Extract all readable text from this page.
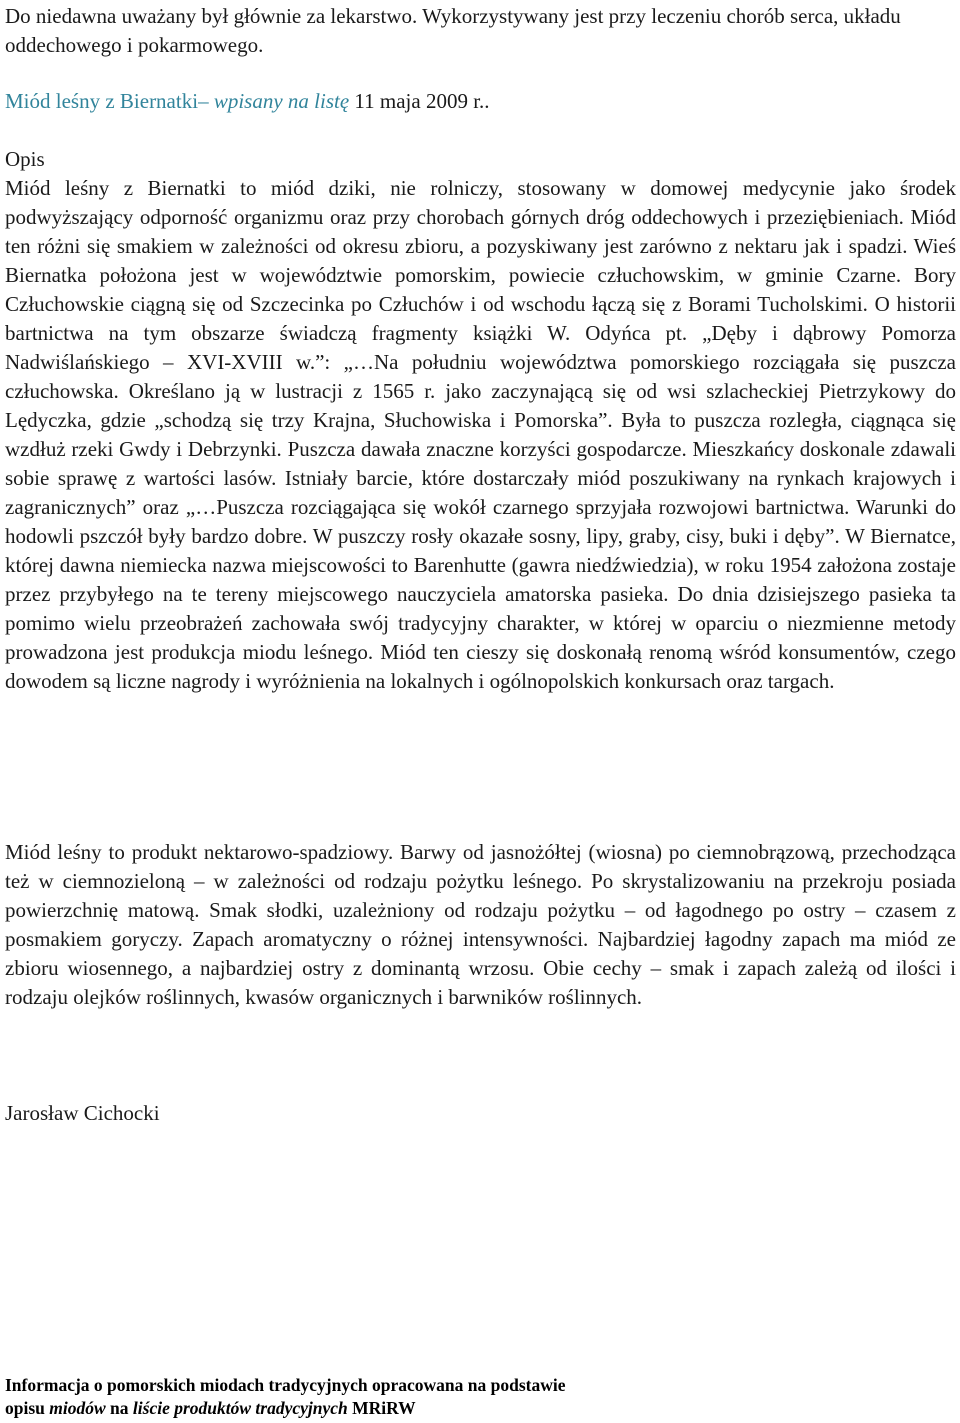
Do niedawna uważany był głównie za lekarstwo. Wykorzystywany jest przy leczeniu chorób serca, układu oddechowego i pokarmowego.

Miód leśny z Biernatki– wpisany na listę 11 maja 2009 r..

Opis

Miód leśny z Biernatki to miód dziki, nie rolniczy, stosowany w domowej medycynie jako środek podwyższający odporność organizmu oraz przy chorobach górnych dróg oddechowych i przeziębieniach. Miód ten różni się smakiem w zależności od okresu zbioru, a pozyskiwany jest zarówno z nektaru jak i spadzi. Wieś Biernatka położona jest w województwie pomorskim, powiecie człuchowskim, w gminie Czarne. Bory Człuchowskie ciągną się od Szczecinka po Człuchów i od wschodu łączą się z Borami Tucholskimi. O historii bartnictwa na tym obszarze świadczą fragmenty książki W. Odyńca pt. „Dęby i dąbrowy Pomorza Nadwiślańskiego – XVI-XVIII w.”: „…Na południu województwa pomorskiego rozciągała się puszcza człuchowska. Określano ją w lustracji z 1565 r. jako zaczynającą się od wsi szlacheckiej Pietrzykowy do Lędyczka, gdzie „schodzą się trzy Krajna, Słuchowiska i Pomorska”. Była to puszcza rozległa, ciągnąca się wzdłuż rzeki Gwdy i Debrzynki. Puszcza dawała znaczne korzyści gospodarcze. Mieszkańcy doskonale zdawali sobie sprawę z wartości lasów. Istniały barcie, które dostarczały miód poszukiwany na rynkach krajowych i zagranicznych” oraz „…Puszcza rozciągająca się wokół czarnego sprzyjała rozwojowi bartnictwa. Warunki do hodowli pszczół były bardzo dobre. W puszczy rosły okazałe sosny, lipy, graby, cisy, buki i dęby”. W Biernatce, której dawna niemiecka nazwa miejscowości to Barenhutte (gawra niedźwiedzia), w roku 1954 założona zostaje przez przybyłego na te tereny miejscowego nauczyciela amatorska pasieka. Do dnia dzisiejszego pasieka ta pomimo wielu przeobrażeń zachowała swój tradycyjny charakter, w której w oparciu o niezmienne metody prowadzona jest produkcja miodu leśnego. Miód ten cieszy się doskonałą renomą wśród konsumentów, czego dowodem są liczne nagrody i wyróżnienia na lokalnych i ogólnopolskich konkursach oraz targach.

Miód leśny to produkt nektarowo-spadziowy. Barwy od jasnożółtej (wiosna) po ciemnobrązową, przechodząca też w ciemnozieloną – w zależności od rodzaju pożytku leśnego. Po skrystalizowaniu na przekroju posiada powierzchnię matową. Smak słodki, uzależniony od rodzaju pożytku – od łagodnego po ostry – czasem z posmakiem goryczy. Zapach aromatyczny o różnej intensywności. Najbardziej łagodny zapach ma miód ze zbioru wiosennego, a najbardziej ostry z dominantą wrzosu. Obie cechy – smak i zapach zależą od ilości i rodzaju olejków roślinnych, kwasów organicznych i barwników roślinnych.

Jarosław Cichocki

Informacja o pomorskich miodach tradycyjnych opracowana na podstawie
opisu miodów na liście produktów tradycyjnych MRiRW
